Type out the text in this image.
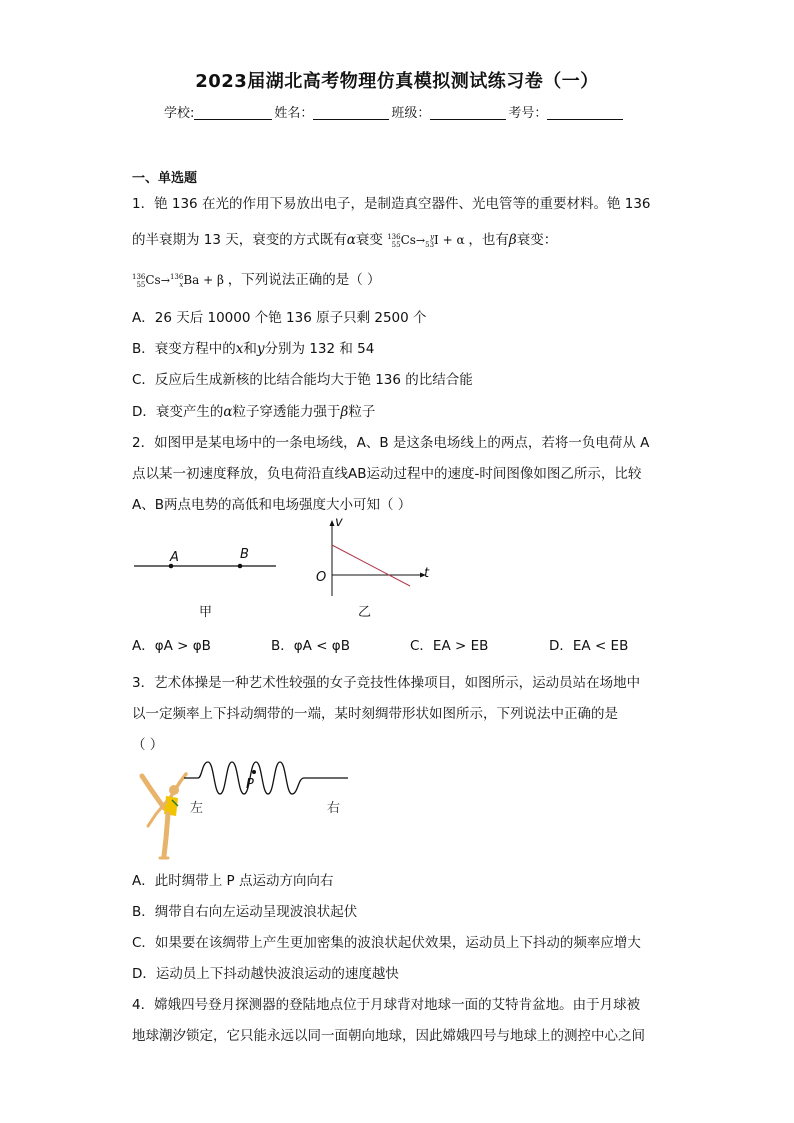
2023届湖北高考物理仿真模拟测试练习卷（一）
学校:	姓名：	班级：	考号：
一、单选题
1．铯 136 在光的作用下易放出电子，是制造真空器件、光电管等的重要材料。铯 136
的半衰期为 13 天，衰变的方式既有α衰变 136
55Cs→ y
53I + α ，也有β衰变：
136
55Cs→136
xBa + β ，下列说法正确的是（ ）
A．26 天后 10000 个铯 136 原子只剩 2500 个
B．衰变方程中的x和y分别为 132 和 54
C．反应后生成新核的比结合能均大于铯 136 的比结合能
D．衰变产生的α粒子穿透能力强于β粒子
2．如图甲是某电场中的一条电场线，A、B 是这条电场线上的两点，若将一负电荷从 A
点以某一初速度释放，负电荷沿直线AB运动过程中的速度-时间图像如图乙所示，比较
A、B两点电势的高低和电场强度大小可知（ ）
A	B
甲
v
t
O
乙
A．φA > φB	B．φA < φB	C．EA > EB	D．EA < EB
3．艺术体操是一种艺术性较强的女子竞技性体操项目，如图所示，运动员站在场地中
以一定频率上下抖动绸带的一端，某时刻绸带形状如图所示，下列说法中正确的是
（ ）
P
左	右
A．此时绸带上 P 点运动方向向右
B．绸带自右向左运动呈现波浪状起伏
C．如果要在该绸带上产生更加密集的波浪状起伏效果，运动员上下抖动的频率应增大
D．运动员上下抖动越快波浪运动的速度越快
4．嫦娥四号登月探测器的登陆地点位于月球背对地球一面的艾特肯盆地。由于月球被
地球潮汐锁定，它只能永远以同一面朝向地球，因此嫦娥四号与地球上的测控中心之间
